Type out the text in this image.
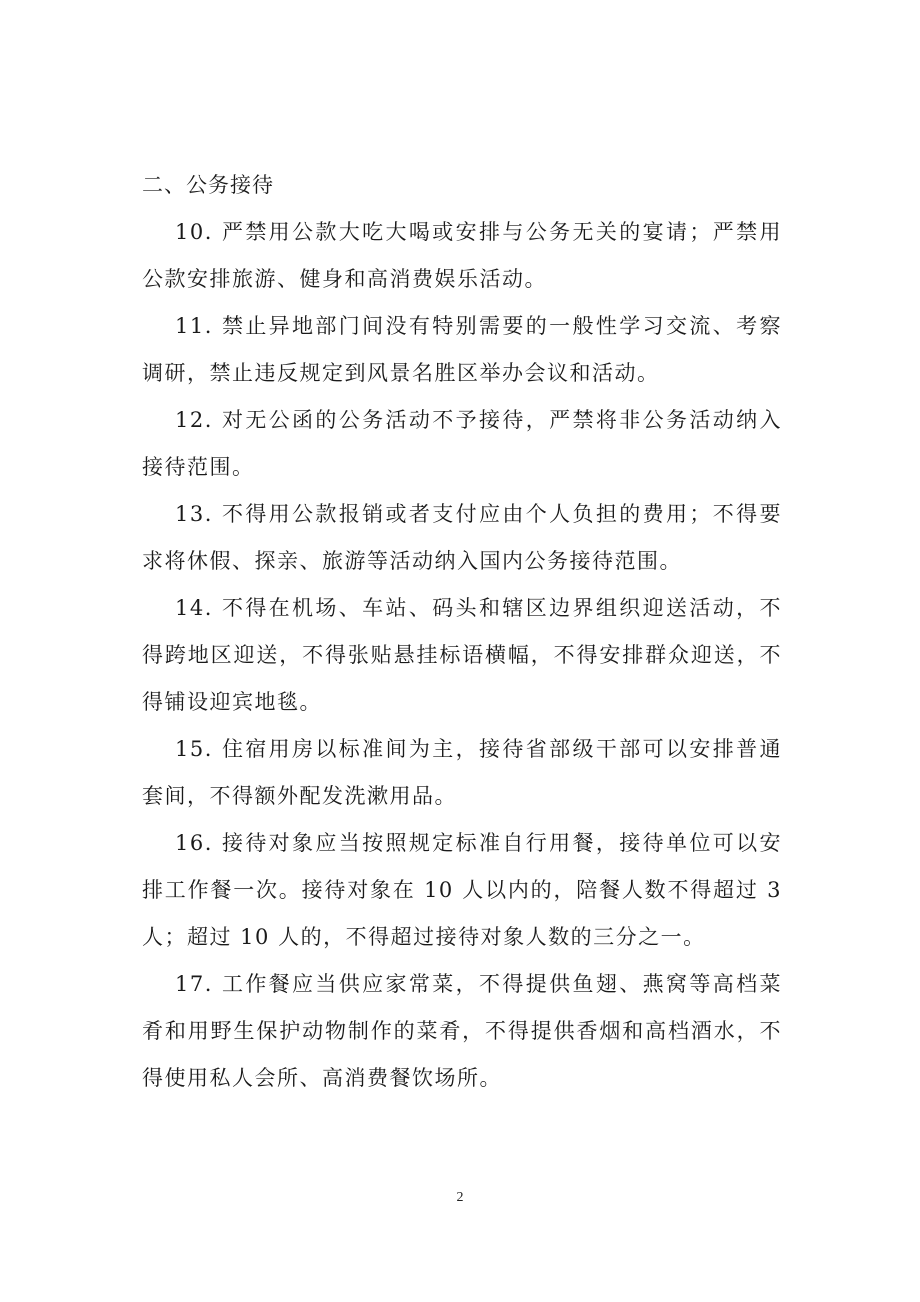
二、公务接待

10. 严禁用公款大吃大喝或安排与公务无关的宴请；严禁用公款安排旅游、健身和高消费娱乐活动。

11. 禁止异地部门间没有特别需要的一般性学习交流、考察调研，禁止违反规定到风景名胜区举办会议和活动。

12. 对无公函的公务活动不予接待，严禁将非公务活动纳入接待范围。

13. 不得用公款报销或者支付应由个人负担的费用；不得要求将休假、探亲、旅游等活动纳入国内公务接待范围。

14. 不得在机场、车站、码头和辖区边界组织迎送活动，不得跨地区迎送，不得张贴悬挂标语横幅，不得安排群众迎送，不得铺设迎宾地毯。

15. 住宿用房以标准间为主，接待省部级干部可以安排普通套间，不得额外配发洗漱用品。

16. 接待对象应当按照规定标准自行用餐，接待单位可以安排工作餐一次。接待对象在 10 人以内的，陪餐人数不得超过 3 人；超过 10 人的，不得超过接待对象人数的三分之一。

17. 工作餐应当供应家常菜，不得提供鱼翅、燕窝等高档菜肴和用野生保护动物制作的菜肴，不得提供香烟和高档酒水，不得使用私人会所、高消费餐饮场所。

2
